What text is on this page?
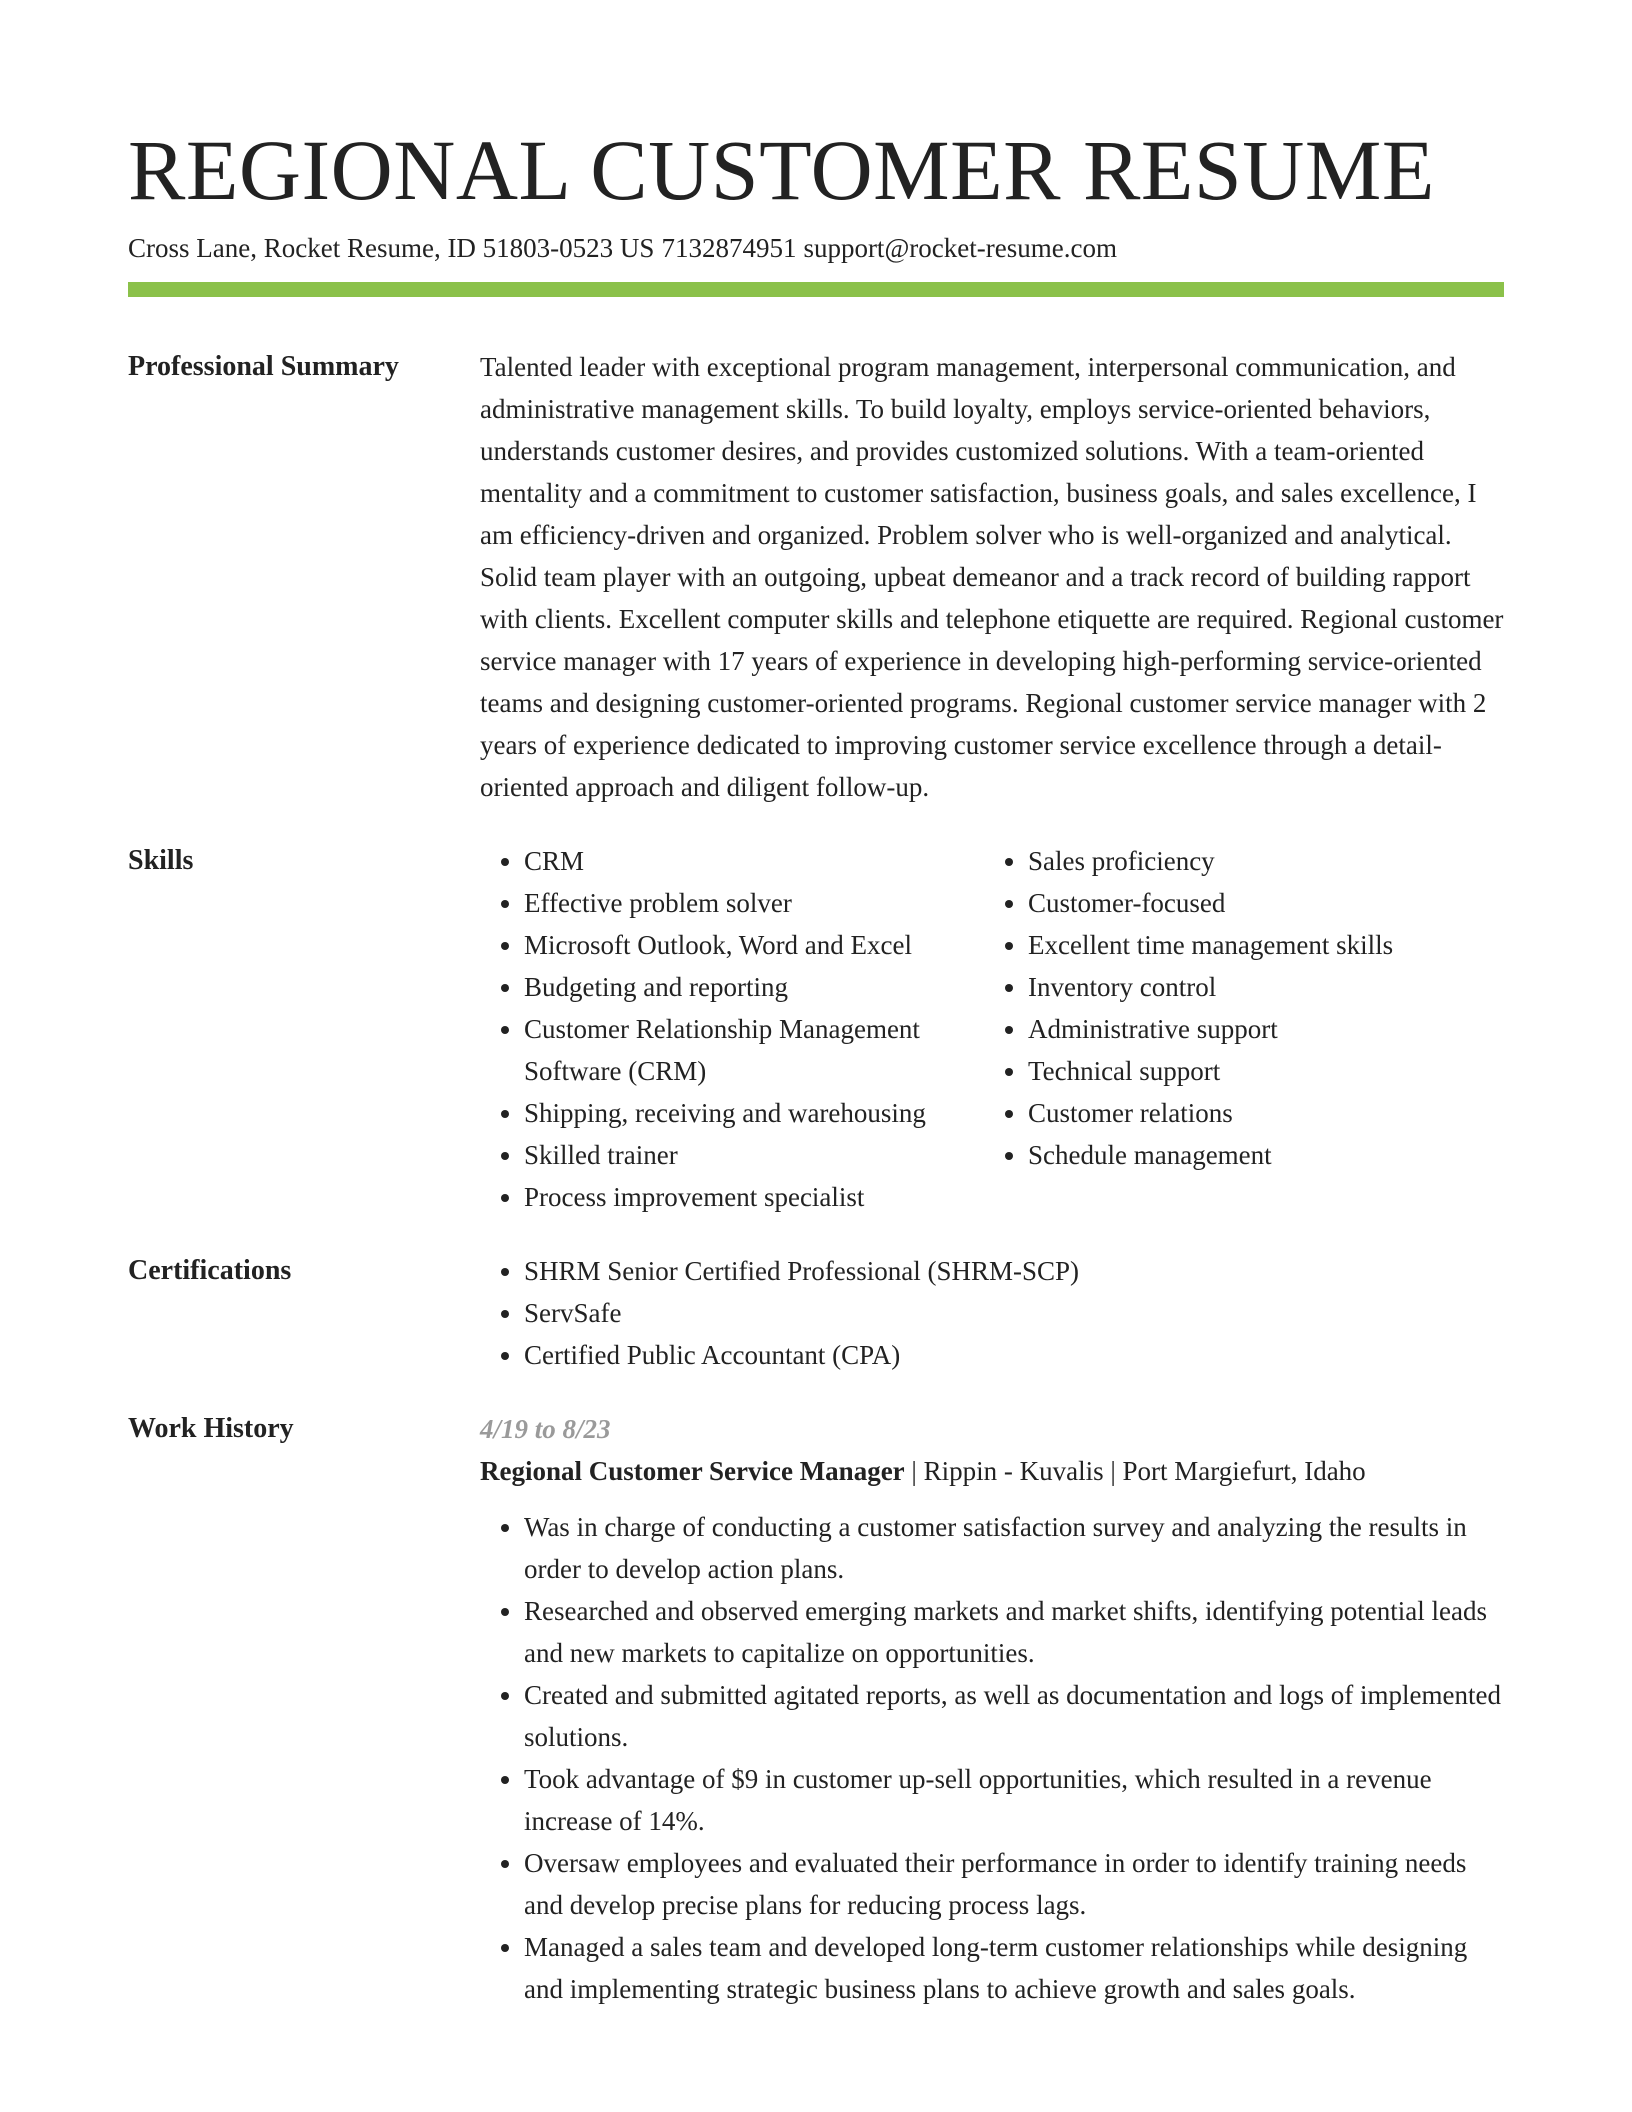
REGIONAL CUSTOMER RESUME
Cross Lane, Rocket Resume, ID 51803-0523 US 7132874951 support@rocket-resume.com
Professional Summary	Talented leader with exceptional program management, interpersonal communication, and administrative management skills. To build loyalty, employs service-oriented behaviors, understands customer desires, and provides customized solutions. With a team-oriented mentality and a commitment to customer satisfaction, business goals, and sales excellence, I am efficiency-driven and organized. Problem solver who is well-organized and analytical. Solid team player with an outgoing, upbeat demeanor and a track record of building rapport with clients. Excellent computer skills and telephone etiquette are required. Regional customer service manager with 17 years of experience in developing high-performing service-oriented teams and designing customer-oriented programs. Regional customer service manager with 2 years of experience dedicated to improving customer service excellence through a detail-oriented approach and diligent follow-up.
Skills	• CRM
• Effective problem solver
• Microsoft Outlook, Word and Excel
• Budgeting and reporting
• Customer Relationship Management Software (CRM)
• Shipping, receiving and warehousing
• Skilled trainer
• Process improvement specialist
• Sales proficiency
• Customer-focused
• Excellent time management skills
• Inventory control
• Administrative support
• Technical support
• Customer relations
• Schedule management
Certifications	• SHRM Senior Certified Professional (SHRM-SCP)
• ServSafe
• Certified Public Accountant (CPA)
Work History	4/19 to 8/23
Regional Customer Service Manager | Rippin - Kuvalis | Port Margiefurt, Idaho
• Was in charge of conducting a customer satisfaction survey and analyzing the results in order to develop action plans.
• Researched and observed emerging markets and market shifts, identifying potential leads and new markets to capitalize on opportunities.
• Created and submitted agitated reports, as well as documentation and logs of implemented solutions.
• Took advantage of $9 in customer up-sell opportunities, which resulted in a revenue increase of 14%.
• Oversaw employees and evaluated their performance in order to identify training needs and develop precise plans for reducing process lags.
• Managed a sales team and developed long-term customer relationships while designing and implementing strategic business plans to achieve growth and sales goals.
